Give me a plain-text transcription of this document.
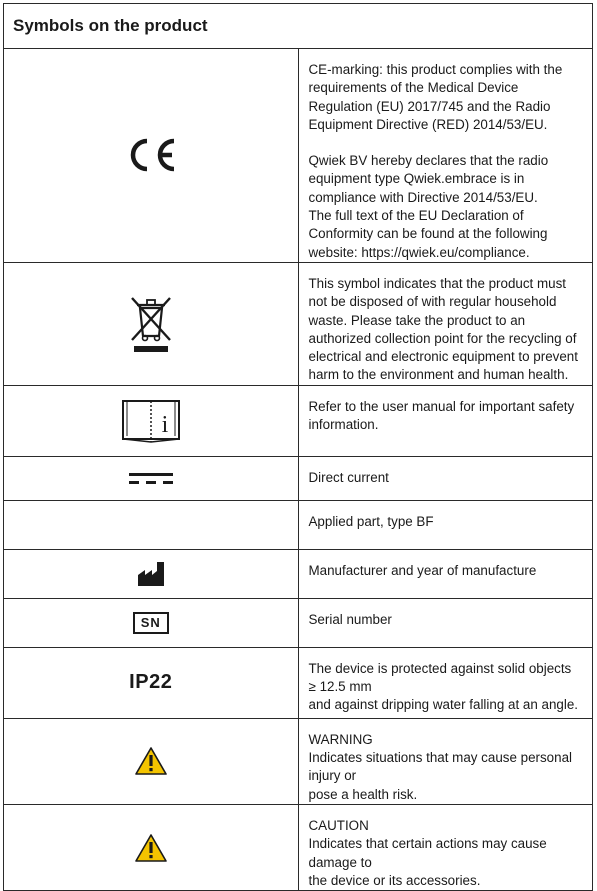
Symbols on the product	

CE-marking: this product complies with the requirements of the Medical Device Regulation (EU) 2017/745 and the Radio Equipment Directive (RED) 2014/53/EU.

Qwiek BV hereby declares that the radio equipment type Qwiek.embrace is in compliance with Directive 2014/53/EU.
The full text of the EU Declaration of Conformity can be found at the following website: https://qwiek.eu/compliance.

This symbol indicates that the product must not be disposed of with regular household waste. Please take the product to an authorized collection point for the recycling of electrical and electronic equipment to prevent harm to the environment and human health.

i	Refer to the user manual for important safety information.

Direct current

	Applied part, type BF

Manufacturer and year of manufacture

SN	Serial number

IP22	The device is protected against solid objects ≥ 12.5 mm
and against dripping water falling at an angle.

WARNING
Indicates situations that may cause personal injury or
pose a health risk.

CAUTION
Indicates that certain actions may cause damage to
the device or its accessories.
